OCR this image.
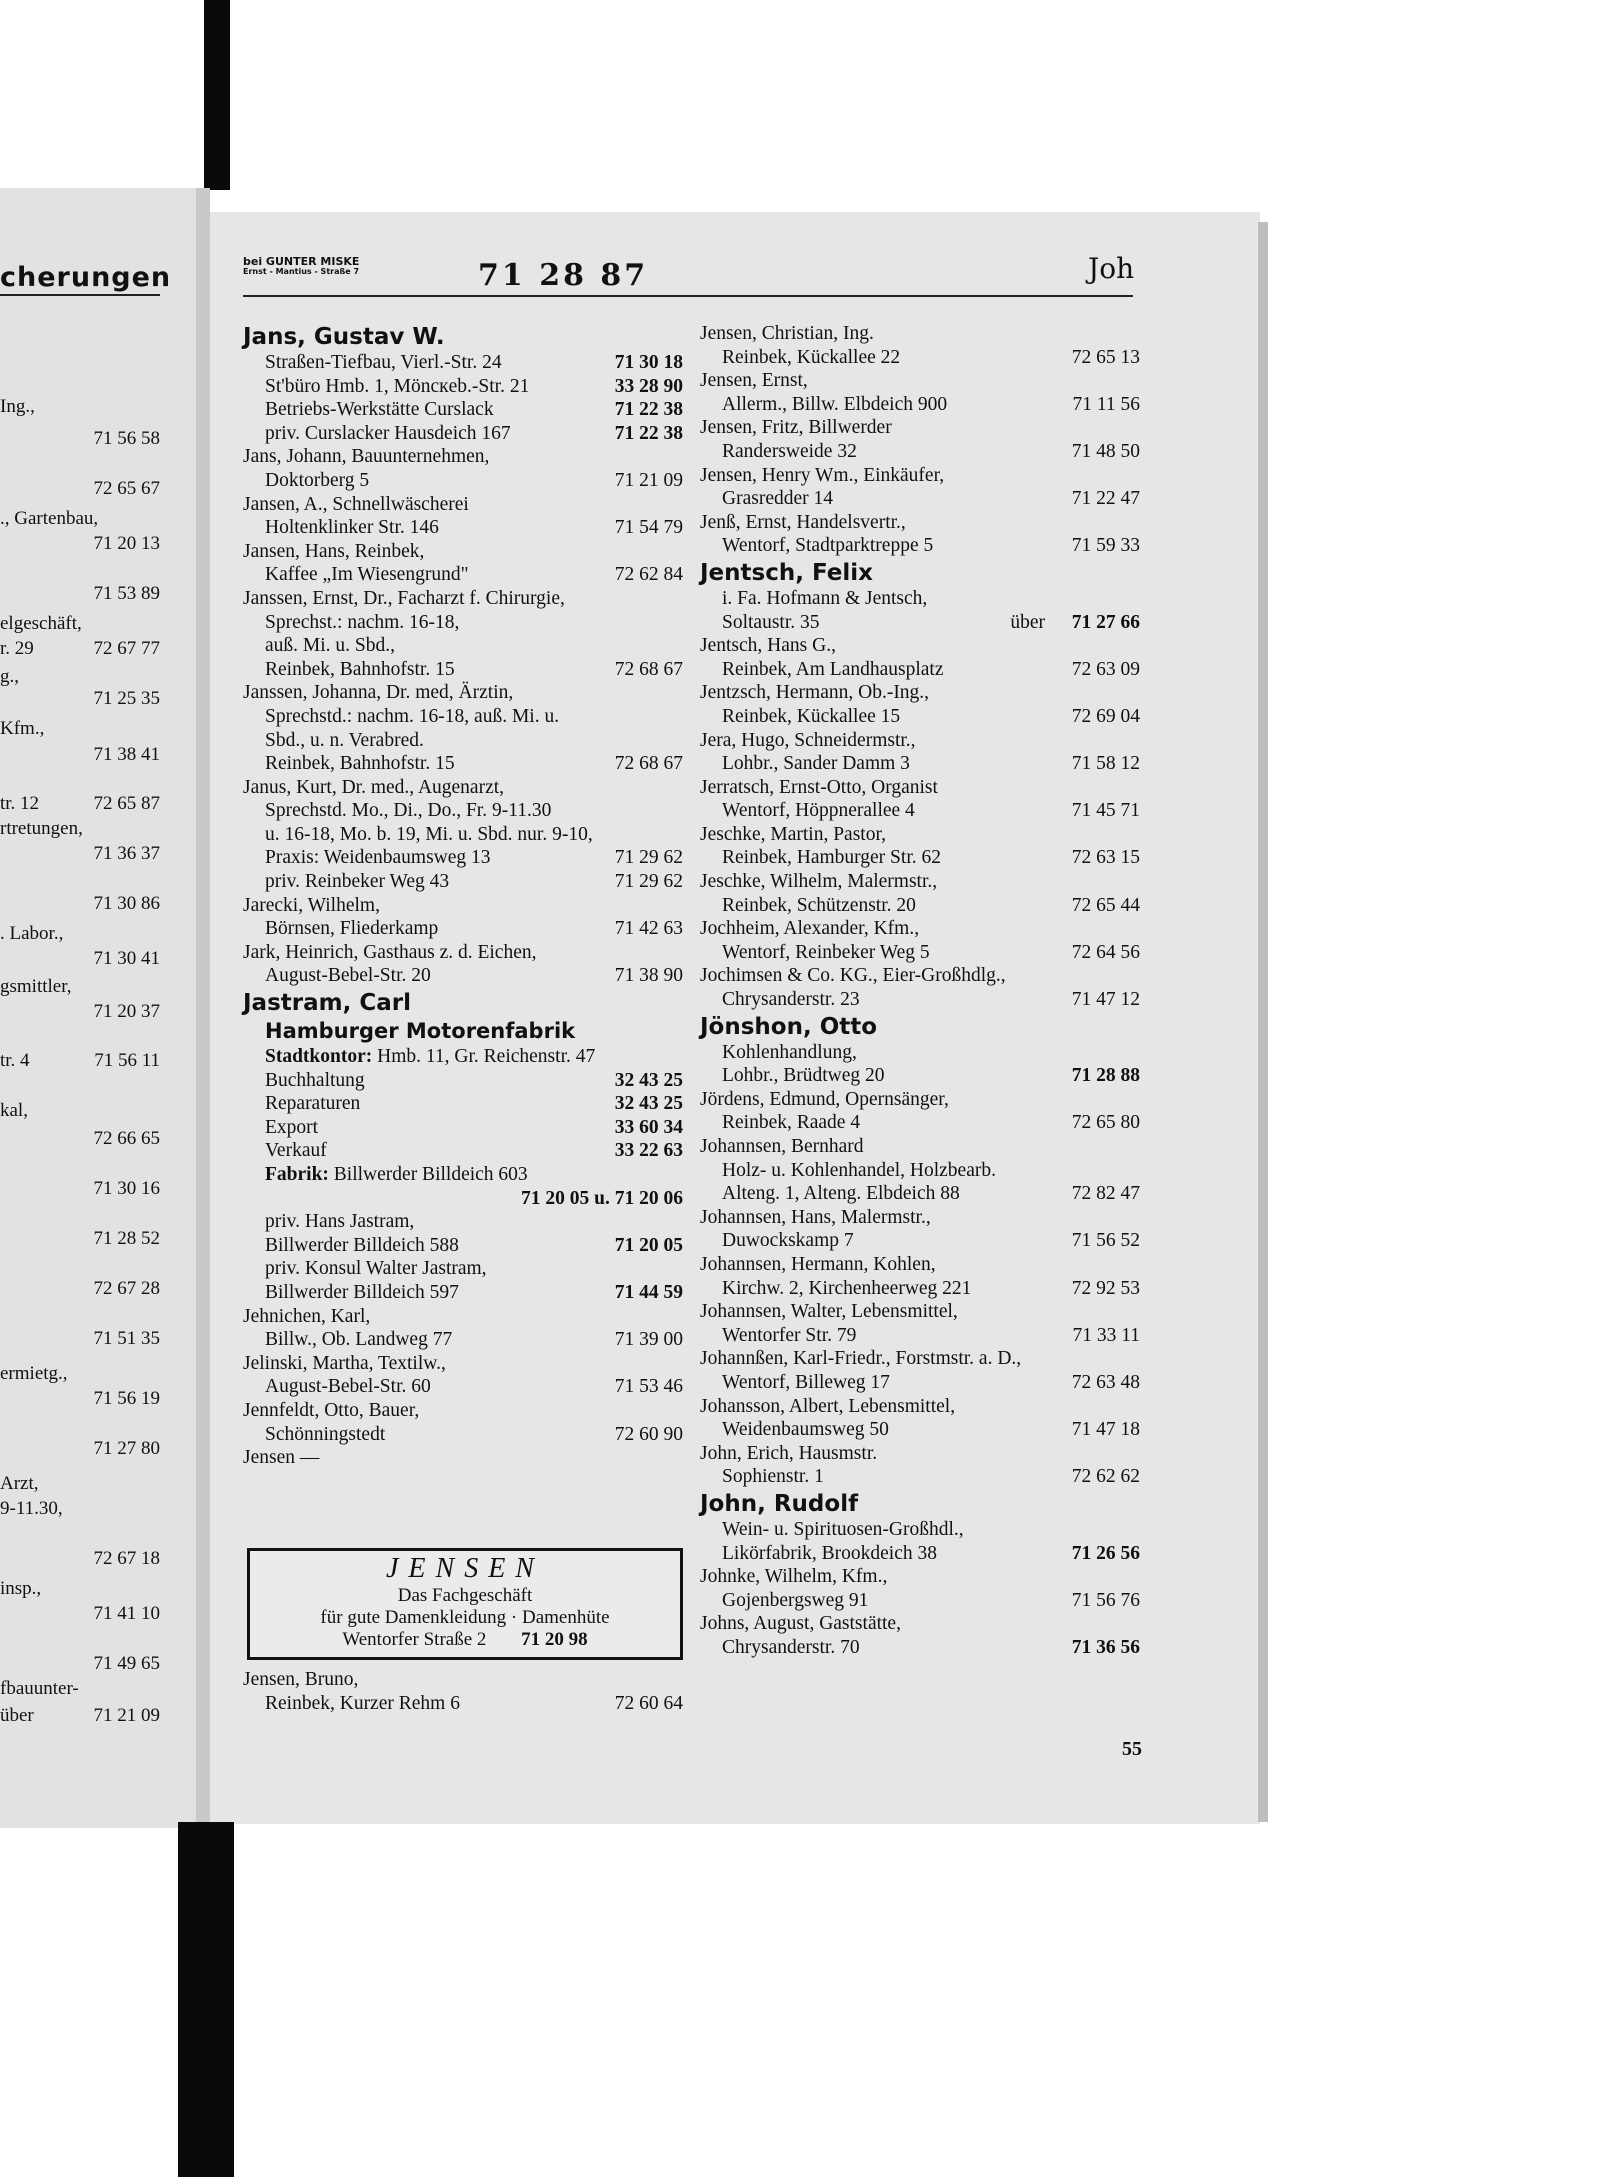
cherungen
Ing.,
71 56 58
72 65 67
., Gartenbau,
71 20 13
71 53 89
elgeschäft,
r. 29	72 67 77
g.,
71 25 35
Kfm.,
71 38 41
tr. 12	72 65 87
rtretungen,
71 36 37
71 30 86
. Labor.,
71 30 41
gsmittler,
71 20 37
tr. 4	71 56 11
kal,
72 66 65
71 30 16
71 28 52
72 67 28
71 51 35
ermietg.,
71 56 19
71 27 80
Arzt,
9-11.30,
72 67 18
insp.,
71 41 10
71 49 65
fbauunter-
über	71 21 09
bei GUNTER MISKE
Ernst - Mantius - Straße 7	71 28 87	Joh
Jans, Gustav W.
Straßen-Tiefbau, Vierl.-Str. 24	71 30 18
St'büro Hmb. 1, Möncкeb.-Str. 21	33 28 90
Betriebs-Werkstätte Curslack	71 22 38
priv. Curslacker Hausdeich 167	71 22 38
Jans, Johann, Bauunternehmen,
Doktorberg 5	71 21 09
Jansen, A., Schnellwäscherei
Holtenklinker Str. 146	71 54 79
Jansen, Hans, Reinbek,
Kaffee „Im Wiesengrund"	72 62 84
Janssen, Ernst, Dr., Facharzt f. Chirurgie,
Sprechst.: nachm. 16-18,
auß. Mi. u. Sbd.,
Reinbek, Bahnhofstr. 15	72 68 67
Janssen, Johanna, Dr. med, Ärztin,
Sprechstd.: nachm. 16-18, auß. Mi. u.
Sbd., u. n. Verabred.
Reinbek, Bahnhofstr. 15	72 68 67
Janus, Kurt, Dr. med., Augenarzt,
Sprechstd. Mo., Di., Do., Fr. 9-11.30
u. 16-18, Mo. b. 19, Mi. u. Sbd. nur. 9-10,
Praxis: Weidenbaumsweg 13	71 29 62
priv. Reinbeker Weg 43	71 29 62
Jarecki, Wilhelm,
Börnsen, Fliederkamp	71 42 63
Jark, Heinrich, Gasthaus z. d. Eichen,
August-Bebel-Str. 20	71 38 90
Jastram, Carl
Hamburger Motorenfabrik
Stadtkontor: Hmb. 11, Gr. Reichenstr. 47
Buchhaltung	32 43 25
Reparaturen	32 43 25
Export	33 60 34
Verkauf	33 22 63
Fabrik: Billwerder Billdeich 603
71 20 05 u. 71 20 06
priv. Hans Jastram,
Billwerder Billdeich 588	71 20 05
priv. Konsul Walter Jastram,
Billwerder Billdeich 597	71 44 59
Jehnichen, Karl,
Billw., Ob. Landweg 77	71 39 00
Jelinski, Martha, Textilw.,
August-Bebel-Str. 60	71 53 46
Jennfeldt, Otto, Bauer,
Schönningstedt	72 60 90
Jensen —
JENSEN
Das Fachgeschäft
für gute Damenkleidung · Damenhüte
Wentorfer Straße 2 71 20 98
Jensen, Bruno,
Reinbek, Kurzer Rehm 6	72 60 64
Jensen, Christian, Ing.
Reinbek, Kückallee 22	72 65 13
Jensen, Ernst,
Allerm., Billw. Elbdeich 900	71 11 56
Jensen, Fritz, Billwerder
Randersweide 32	71 48 50
Jensen, Henry Wm., Einkäufer,
Grasredder 14	71 22 47
Jenß, Ernst, Handelsvertr.,
Wentorf, Stadtparktreppe 5	71 59 33
Jentsch, Felix
i. Fa. Hofmann & Jentsch,
Soltaustr. 35	über 71 27 66
Jentsch, Hans G.,
Reinbek, Am Landhausplatz	72 63 09
Jentzsch, Hermann, Ob.-Ing.,
Reinbek, Kückallee 15	72 69 04
Jera, Hugo, Schneidermstr.,
Lohbr., Sander Damm 3	71 58 12
Jerratsch, Ernst-Otto, Organist
Wentorf, Höppnerallee 4	71 45 71
Jeschke, Martin, Pastor,
Reinbek, Hamburger Str. 62	72 63 15
Jeschke, Wilhelm, Malermstr.,
Reinbek, Schützenstr. 20	72 65 44
Jochheim, Alexander, Kfm.,
Wentorf, Reinbeker Weg 5	72 64 56
Jochimsen & Co. KG., Eier-Großhdlg.,
Chrysanderstr. 23	71 47 12
Jönshon, Otto
Kohlenhandlung,
Lohbr., Brüdtweg 20	71 28 88
Jördens, Edmund, Opernsänger,
Reinbek, Raade 4	72 65 80
Johannsen, Bernhard
Holz- u. Kohlenhandel, Holzbearb.
Alteng. 1, Alteng. Elbdeich 88	72 82 47
Johannsen, Hans, Malermstr.,
Duwockskamp 7	71 56 52
Johannsen, Hermann, Kohlen,
Kirchw. 2, Kirchenheerweg 221	72 92 53
Johannsen, Walter, Lebensmittel,
Wentorfer Str. 79	71 33 11
Johannßen, Karl-Friedr., Forstmstr. a. D.,
Wentorf, Billeweg 17	72 63 48
Johansson, Albert, Lebensmittel,
Weidenbaumsweg 50	71 47 18
John, Erich, Hausmstr.
Sophienstr. 1	72 62 62
John, Rudolf
Wein- u. Spirituosen-Großhdl.,
Likörfabrik, Brookdeich 38	71 26 56
Johnke, Wilhelm, Kfm.,
Gojenbergsweg 91	71 56 76
Johns, August, Gaststätte,
Chrysanderstr. 70	71 36 56
55
